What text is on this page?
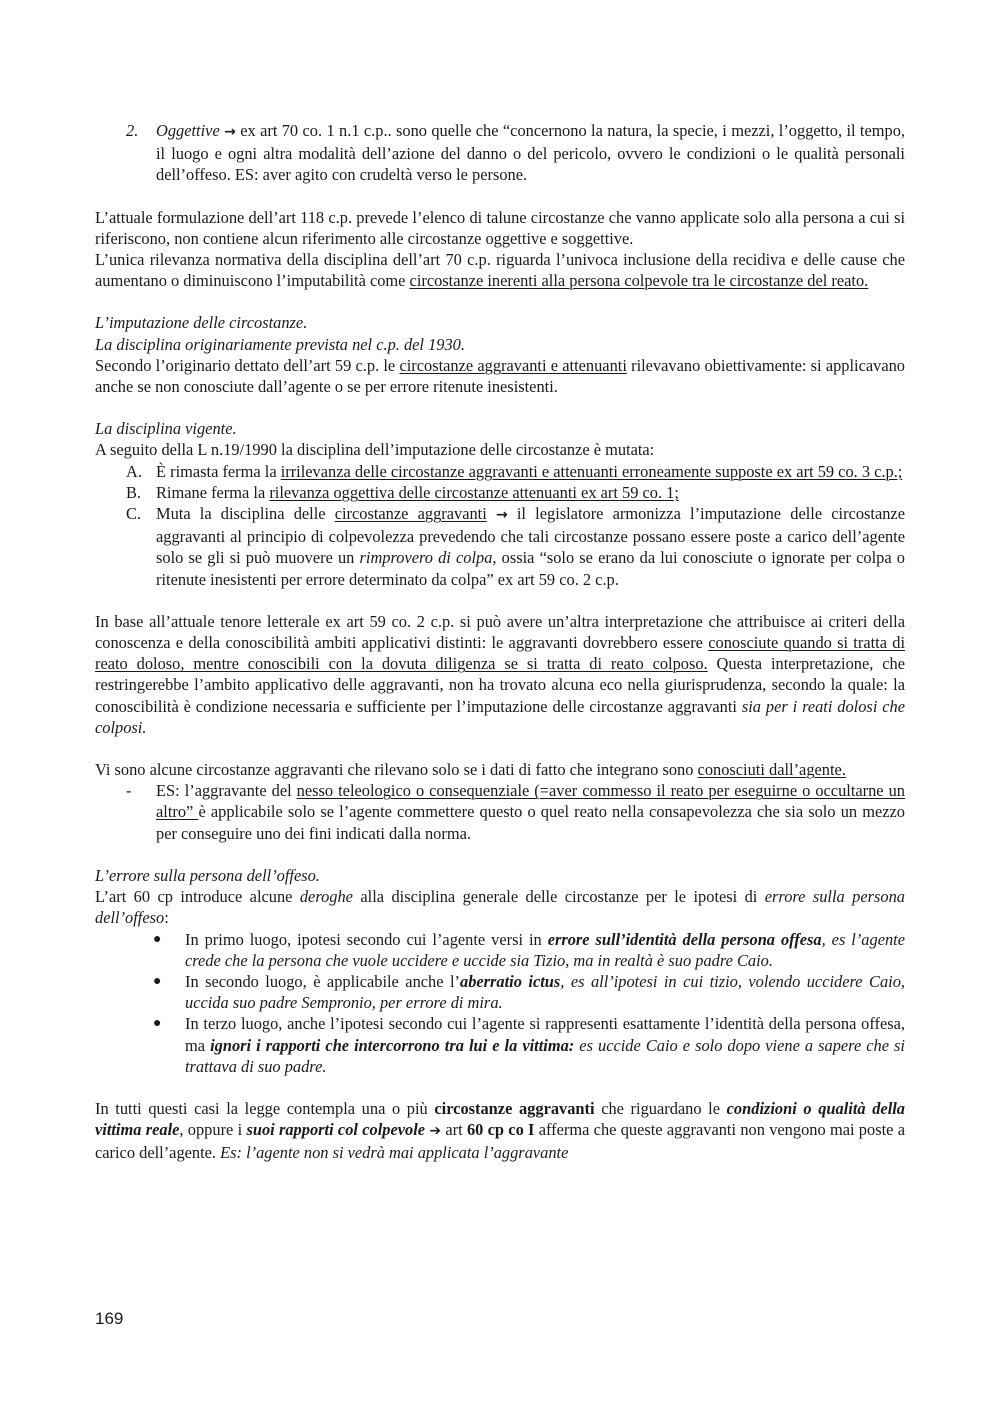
2. Oggettive → ex art 70 co. 1 n.1 c.p.. sono quelle che “concernono la natura, la specie, i mezzi, l’oggetto, il tempo, il luogo e ogni altra modalità dell’azione del danno o del pericolo, ovvero le condizioni o le qualità personali dell’offeso. ES: aver agito con crudeltà verso le persone.

L’attuale formulazione dell’art 118 c.p. prevede l’elenco di talune circostanze che vanno applicate solo alla persona a cui si riferiscono, non contiene alcun riferimento alle circostanze oggettive e soggettive.

L’unica rilevanza normativa della disciplina dell’art 70 c.p. riguarda l’univoca inclusione della recidiva e delle cause che aumentano o diminuiscono l’imputabilità come circostanze inerenti alla persona colpevole tra le circostanze del reato.

L’imputazione delle circostanze.

La disciplina originariamente prevista nel c.p. del 1930.

Secondo l’originario dettato dell’art 59 c.p. le circostanze aggravanti e attenuanti rilevavano obiettivamente: si applicavano anche se non conosciute dall’agente o se per errore ritenute inesistenti.

La disciplina vigente.

A seguito della L n.19/1990 la disciplina dell’imputazione delle circostanze è mutata:

A. È rimasta ferma la irrilevanza delle circostanze aggravanti e attenuanti erroneamente supposte ex art 59 co. 3 c.p.;

B. Rimane ferma la rilevanza oggettiva delle circostanze attenuanti ex art 59 co. 1;

C. Muta la disciplina delle circostanze aggravanti → il legislatore armonizza l’imputazione delle circostanze aggravanti al principio di colpevolezza prevedendo che tali circostanze possano essere poste a carico dell’agente solo se gli si può muovere un rimprovero di colpa, ossia “solo se erano da lui conosciute o ignorate per colpa o ritenute inesistenti per errore determinato da colpa” ex art 59 co. 2 c.p.

In base all’attuale tenore letterale ex art 59 co. 2 c.p. si può avere un’altra interpretazione che attribuisce ai criteri della conoscenza e della conoscibilità ambiti applicativi distinti: le aggravanti dovrebbero essere conosciute quando si tratta di reato doloso, mentre conoscibili con la dovuta diligenza se si tratta di reato colposo. Questa interpretazione, che restringerebbe l’ambito applicativo delle aggravanti, non ha trovato alcuna eco nella giurisprudenza, secondo la quale: la conoscibilità è condizione necessaria e sufficiente per l’imputazione delle circostanze aggravanti sia per i reati dolosi che colposi.

Vi sono alcune circostanze aggravanti che rilevano solo se i dati di fatto che integrano sono conosciuti dall’agente.

- ES: l’aggravante del nesso teleologico o consequenziale (=aver commesso il reato per eseguirne o occultarne un altro” è applicabile solo se l’agente commettere questo o quel reato nella consapevolezza che sia solo un mezzo per conseguire uno dei fini indicati dalla norma.

L’errore sulla persona dell’offeso.

L’art 60 cp introduce alcune deroghe alla disciplina generale delle circostanze per le ipotesi di errore sulla persona dell’offeso:

● In primo luogo, ipotesi secondo cui l’agente versi in errore sull’identità della persona offesa, es l’agente crede che la persona che vuole uccidere e uccide sia Tizio, ma in realtà è suo padre Caio.

● In secondo luogo, è applicabile anche l’aberratio ictus, es all’ipotesi in cui tizio, volendo uccidere Caio, uccida suo padre Sempronio, per errore di mira.

● In terzo luogo, anche l’ipotesi secondo cui l’agente si rappresenti esattamente l’identità della persona offesa, ma ignori i rapporti che intercorrono tra lui e la vittima: es uccide Caio e solo dopo viene a sapere che si trattava di suo padre.

In tutti questi casi la legge contempla una o più circostanze aggravanti che riguardano le condizioni o qualità della vittima reale, oppure i suoi rapporti col colpevole ➔ art 60 cp co I afferma che queste aggravanti non vengono mai poste a carico dell’agente. Es: l’agente non si vedrà mai applicata l’aggravante

169
